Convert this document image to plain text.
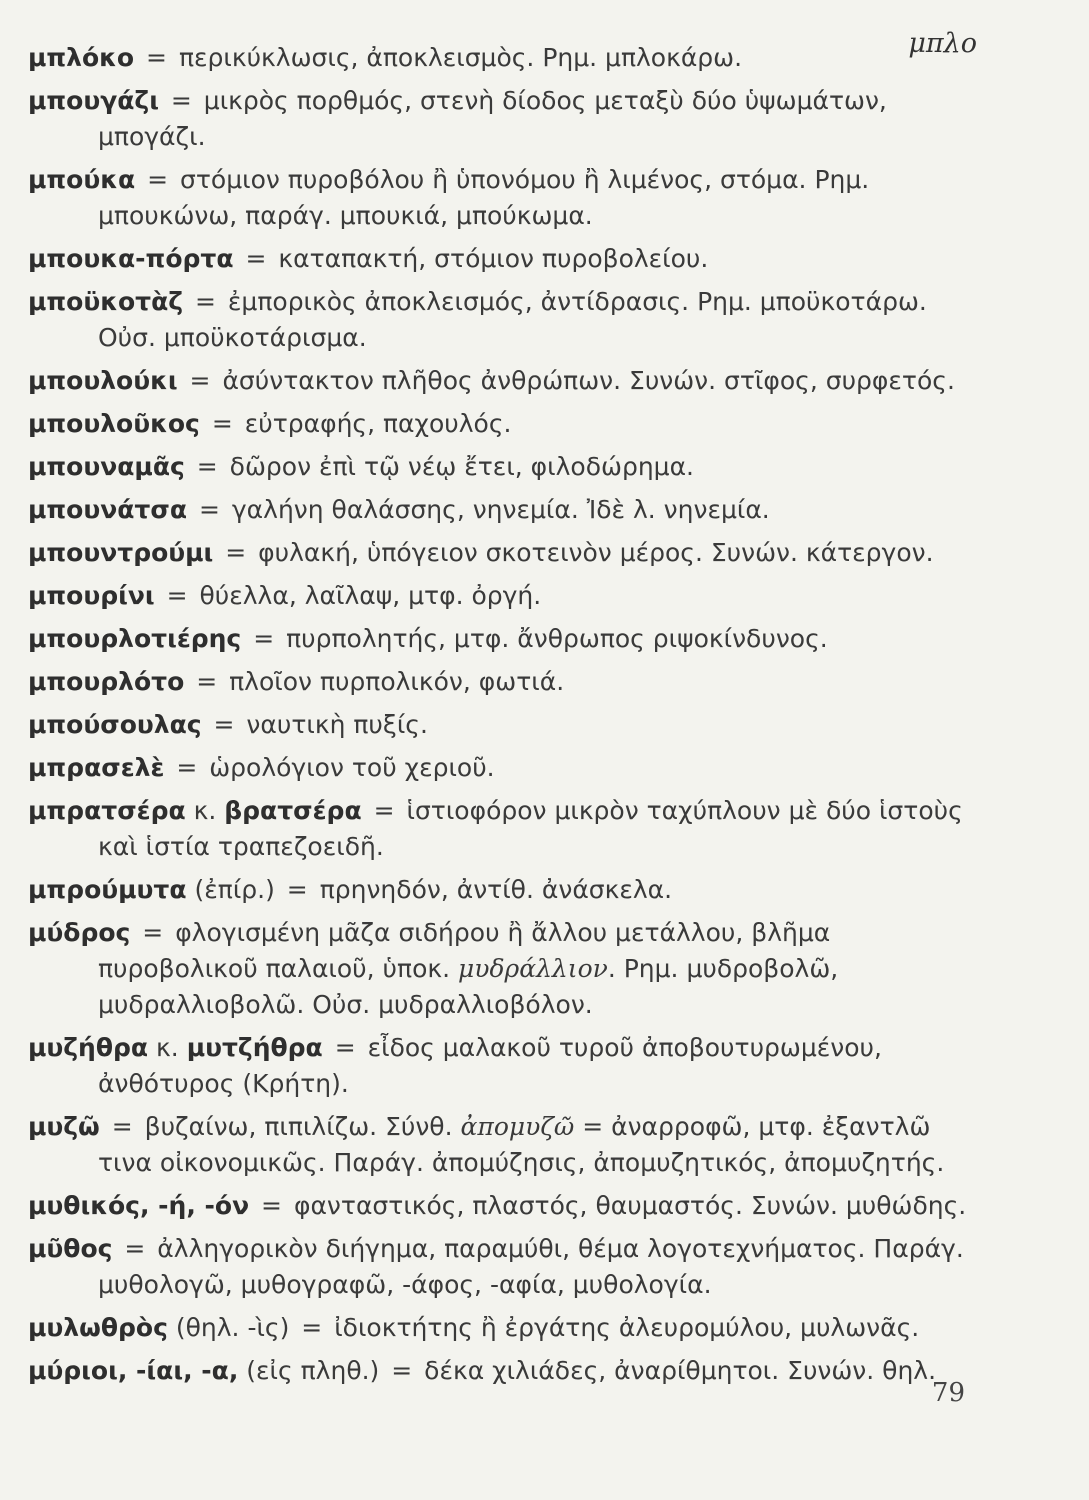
μπλο
μπλόκο = περικύκλωσις, ἀποκλεισμὸς. Ρημ. μπλοκάρω.
μπουγάζι = μικρὸς πορθμός, στενὴ δίοδος μεταξὺ δύο ὑψωμάτων, μπογάζι.
μπούκα = στόμιον πυροβόλου ἢ ὑπονόμου ἢ λιμένος, στόμα. Ρημ. μπουκώνω, παράγ. μπουκιά, μπούκωμα.
μπουκα-πόρτα = καταπακτή, στόμιον πυροβολείου.
μποϋκοτὰζ = ἐμπορικὸς ἀποκλεισμός, ἀντίδρασις. Ρημ. μποϋκοτάρω. Οὐσ. μποϋκοτάρισμα.
μπουλούκι = ἀσύντακτον πλῆθος ἀνθρώπων. Συνών. στῖφος, συρφετός.
μπουλοῦκος = εὐτραφής, παχουλός.
μπουναμᾶς = δῶρον ἐπὶ τῷ νέῳ ἔτει, φιλοδώρημα.
μπουνάτσα = γαλήνη θαλάσσης, νηνεμία. Ἰδὲ λ. νηνεμία.
μπουντρούμι = φυλακή, ὑπόγειον σκοτεινὸν μέρος. Συνών. κάτεργον.
μπουρίνι = θύελλα, λαῖλαψ, μτφ. ὀργή.
μπουρλοτιέρης = πυρπολητής, μτφ. ἄνθρωπος ριψοκίνδυνος.
μπουρλότο = πλοῖον πυρπολικόν, φωτιά.
μπούσουλας = ναυτικὴ πυξίς.
μπρασελὲ = ὡρολόγιον τοῦ χεριοῦ.
μπρατσέρα κ. βρατσέρα = ἱστιοφόρον μικρὸν ταχύπλουν μὲ δύο ἱστοὺς καὶ ἱστία τραπεζοειδῆ.
μπρούμυτα (ἐπίρ.) = πρηνηδόν, ἀντίθ. ἀνάσκελα.
μύδρος = φλογισμένη μᾶζα σιδήρου ἢ ἄλλου μετάλλου, βλῆμα πυροβολικοῦ παλαιοῦ, ὑποκ. μυδράλλιον. Ρημ. μυδροβολῶ, μυδραλλιοβολῶ. Οὐσ. μυδραλλιοβόλον.
μυζήθρα κ. μυτζήθρα = εἶδος μαλακοῦ τυροῦ ἀποβουτυρωμένου, ἀνθότυρος (Κρήτη).
μυζῶ = βυζαίνω, πιπιλίζω. Σύνθ. ἀπομυζῶ = ἀναρροφῶ, μτφ. ἐξαντλῶ τινα οἰκονομικῶς. Παράγ. ἀπομύζησις, ἀπομυζητικός, ἀπομυζητής.
μυθικός, -ή, -όν = φανταστικός, πλαστός, θαυμαστός. Συνών. μυθώδης.
μῦθος = ἀλληγορικὸν διήγημα, παραμύθι, θέμα λογοτεχνήματος. Παράγ. μυθολογῶ, μυθογραφῶ, -άφος, -αφία, μυθολογία.
μυλωθρὸς (θηλ. -ὶς) = ἰδιοκτήτης ἢ ἐργάτης ἀλευρομύλου, μυλωνᾶς.
μύριοι, -ίαι, -α, (εἰς πληθ.) = δέκα χιλιάδες, ἀναρίθμητοι. Συνών. θηλ.
79
